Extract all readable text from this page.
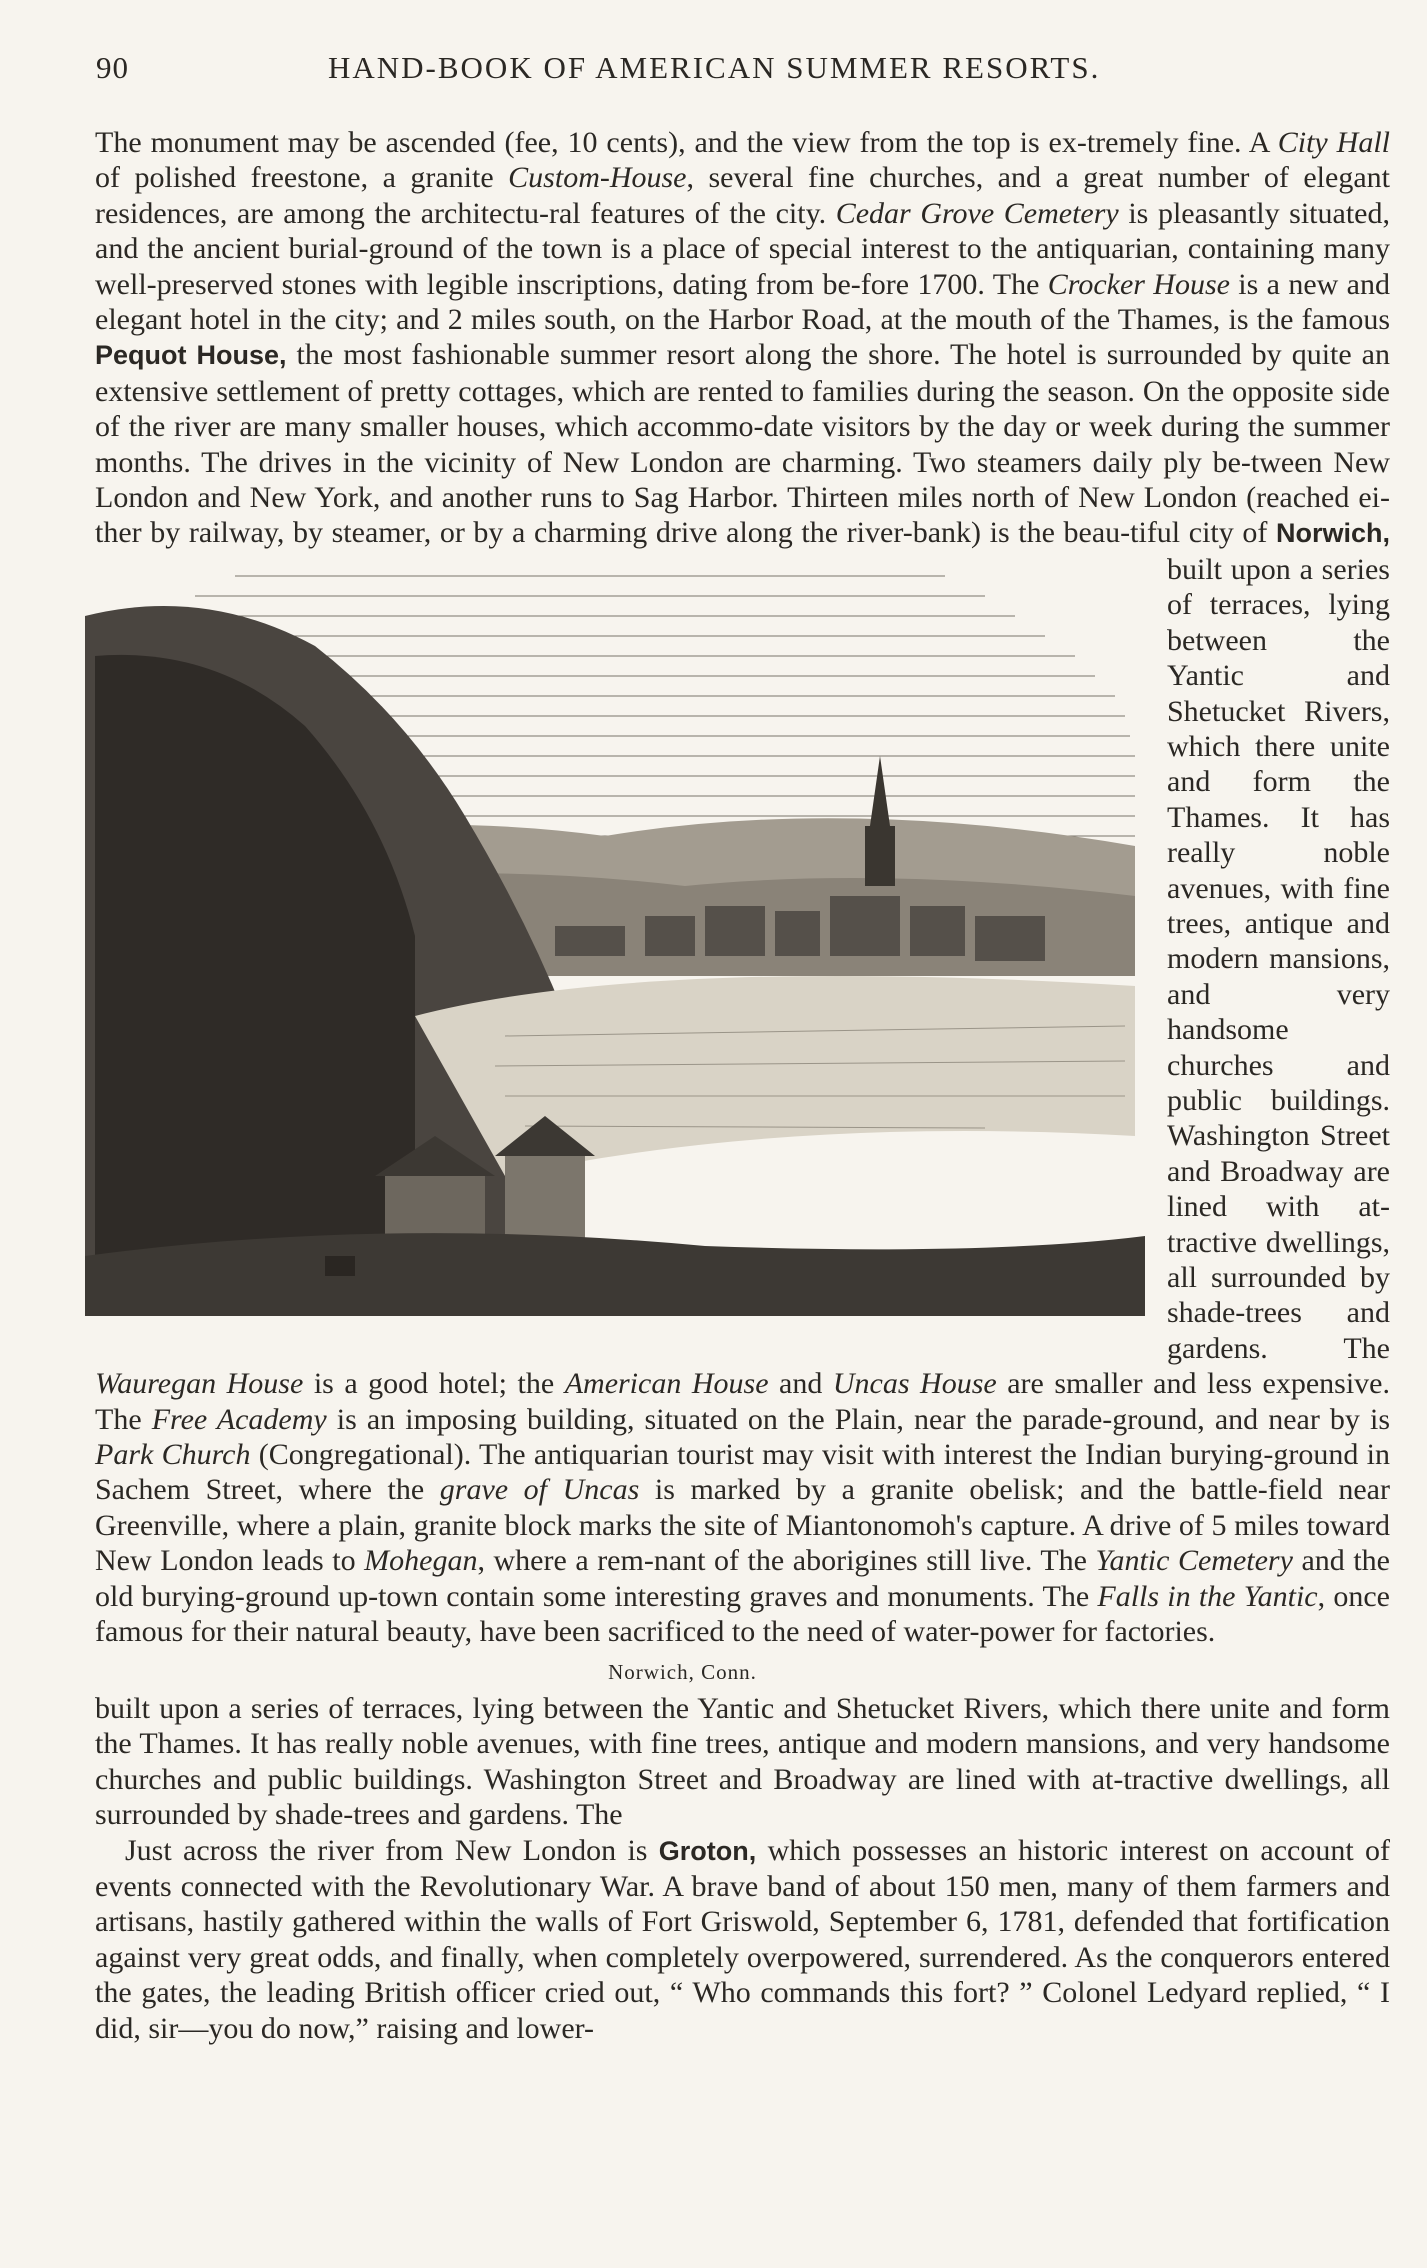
90	HAND-BOOK OF AMERICAN SUMMER RESORTS.

The monument may be ascended (fee, 10 cents), and the view from the top is ex-tremely fine. A City Hall of polished freestone, a granite Custom-House, several fine churches, and a great number of elegant residences, are among the architectu-ral features of the city. Cedar Grove Cemetery is pleasantly situated, and the ancient burial-ground of the town is a place of special interest to the antiquarian, containing many well-preserved stones with legible inscriptions, dating from be-fore 1700. The Crocker House is a new and elegant hotel in the city; and 2 miles south, on the Harbor Road, at the mouth of the Thames, is the famous Pequot House, the most fashionable summer resort along the shore. The hotel is surrounded by quite an extensive settlement of pretty cottages, which are rented to families during the season. On the opposite side of the river are many smaller houses, which accommo-date visitors by the day or week during the summer months. The drives in the vicinity of New London are charming. Two steamers daily ply be-tween New London and New York, and another runs to Sag Harbor. Thirteen miles north of New London (reached ei-ther by railway, by steamer, or by a charming drive along the river-bank) is the beau-tiful city of
Norwich, built upon a series of terraces, lying between the Yantic and Shetucket Rivers, which there unite and form the Thames. It has really noble avenues, with fine trees, antique and modern mansions, and very handsome churches and public buildings. Washington Street and Broadway are lined with at-tractive dwellings, all surrounded by shade-trees and gardens. The Wauregan House is a good hotel; the American House and Uncas House are smaller and less expensive. The Free Academy is an imposing building, situated on the Plain, near the parade-ground, and near by is Park Church (Congregational). The antiquarian tourist may visit with interest the Indian burying-ground in Sachem Street, where the grave of Uncas is marked by a granite obelisk; and the battle-field near Greenville, where a plain, granite block marks the site of Miantonomoh's capture. A drive of 5 miles toward New London leads to Mohegan, where a rem-nant of the aborigines still live. The Yantic Cemetery and the old burying-ground up-town contain some interesting graves and monuments. The Falls in the Yantic, once famous for their natural beauty, have been sacrificed to the need of water-power for factories.

Norwich, Conn.
built upon a series of terraces, lying between the Yantic and Shetucket Rivers, which there unite and form the Thames. It has really noble avenues, with fine trees, antique and modern mansions, and very handsome churches and public buildings. Washington Street and Broadway are lined with at-tractive dwellings, all surrounded by shade-trees and gardens. The

Just across the river from New London is Groton, which possesses an historic interest on account of events connected with the Revolutionary War. A brave band of about 150 men, many of them farmers and artisans, hastily gathered within the walls of Fort Griswold, September 6, 1781, defended that fortification against very great odds, and finally, when completely overpowered, surrendered. As the conquerors entered the gates, the leading British officer cried out, “ Who commands this fort? ” Colonel Ledyard replied, “ I did, sir—you do now,” raising and lower-
